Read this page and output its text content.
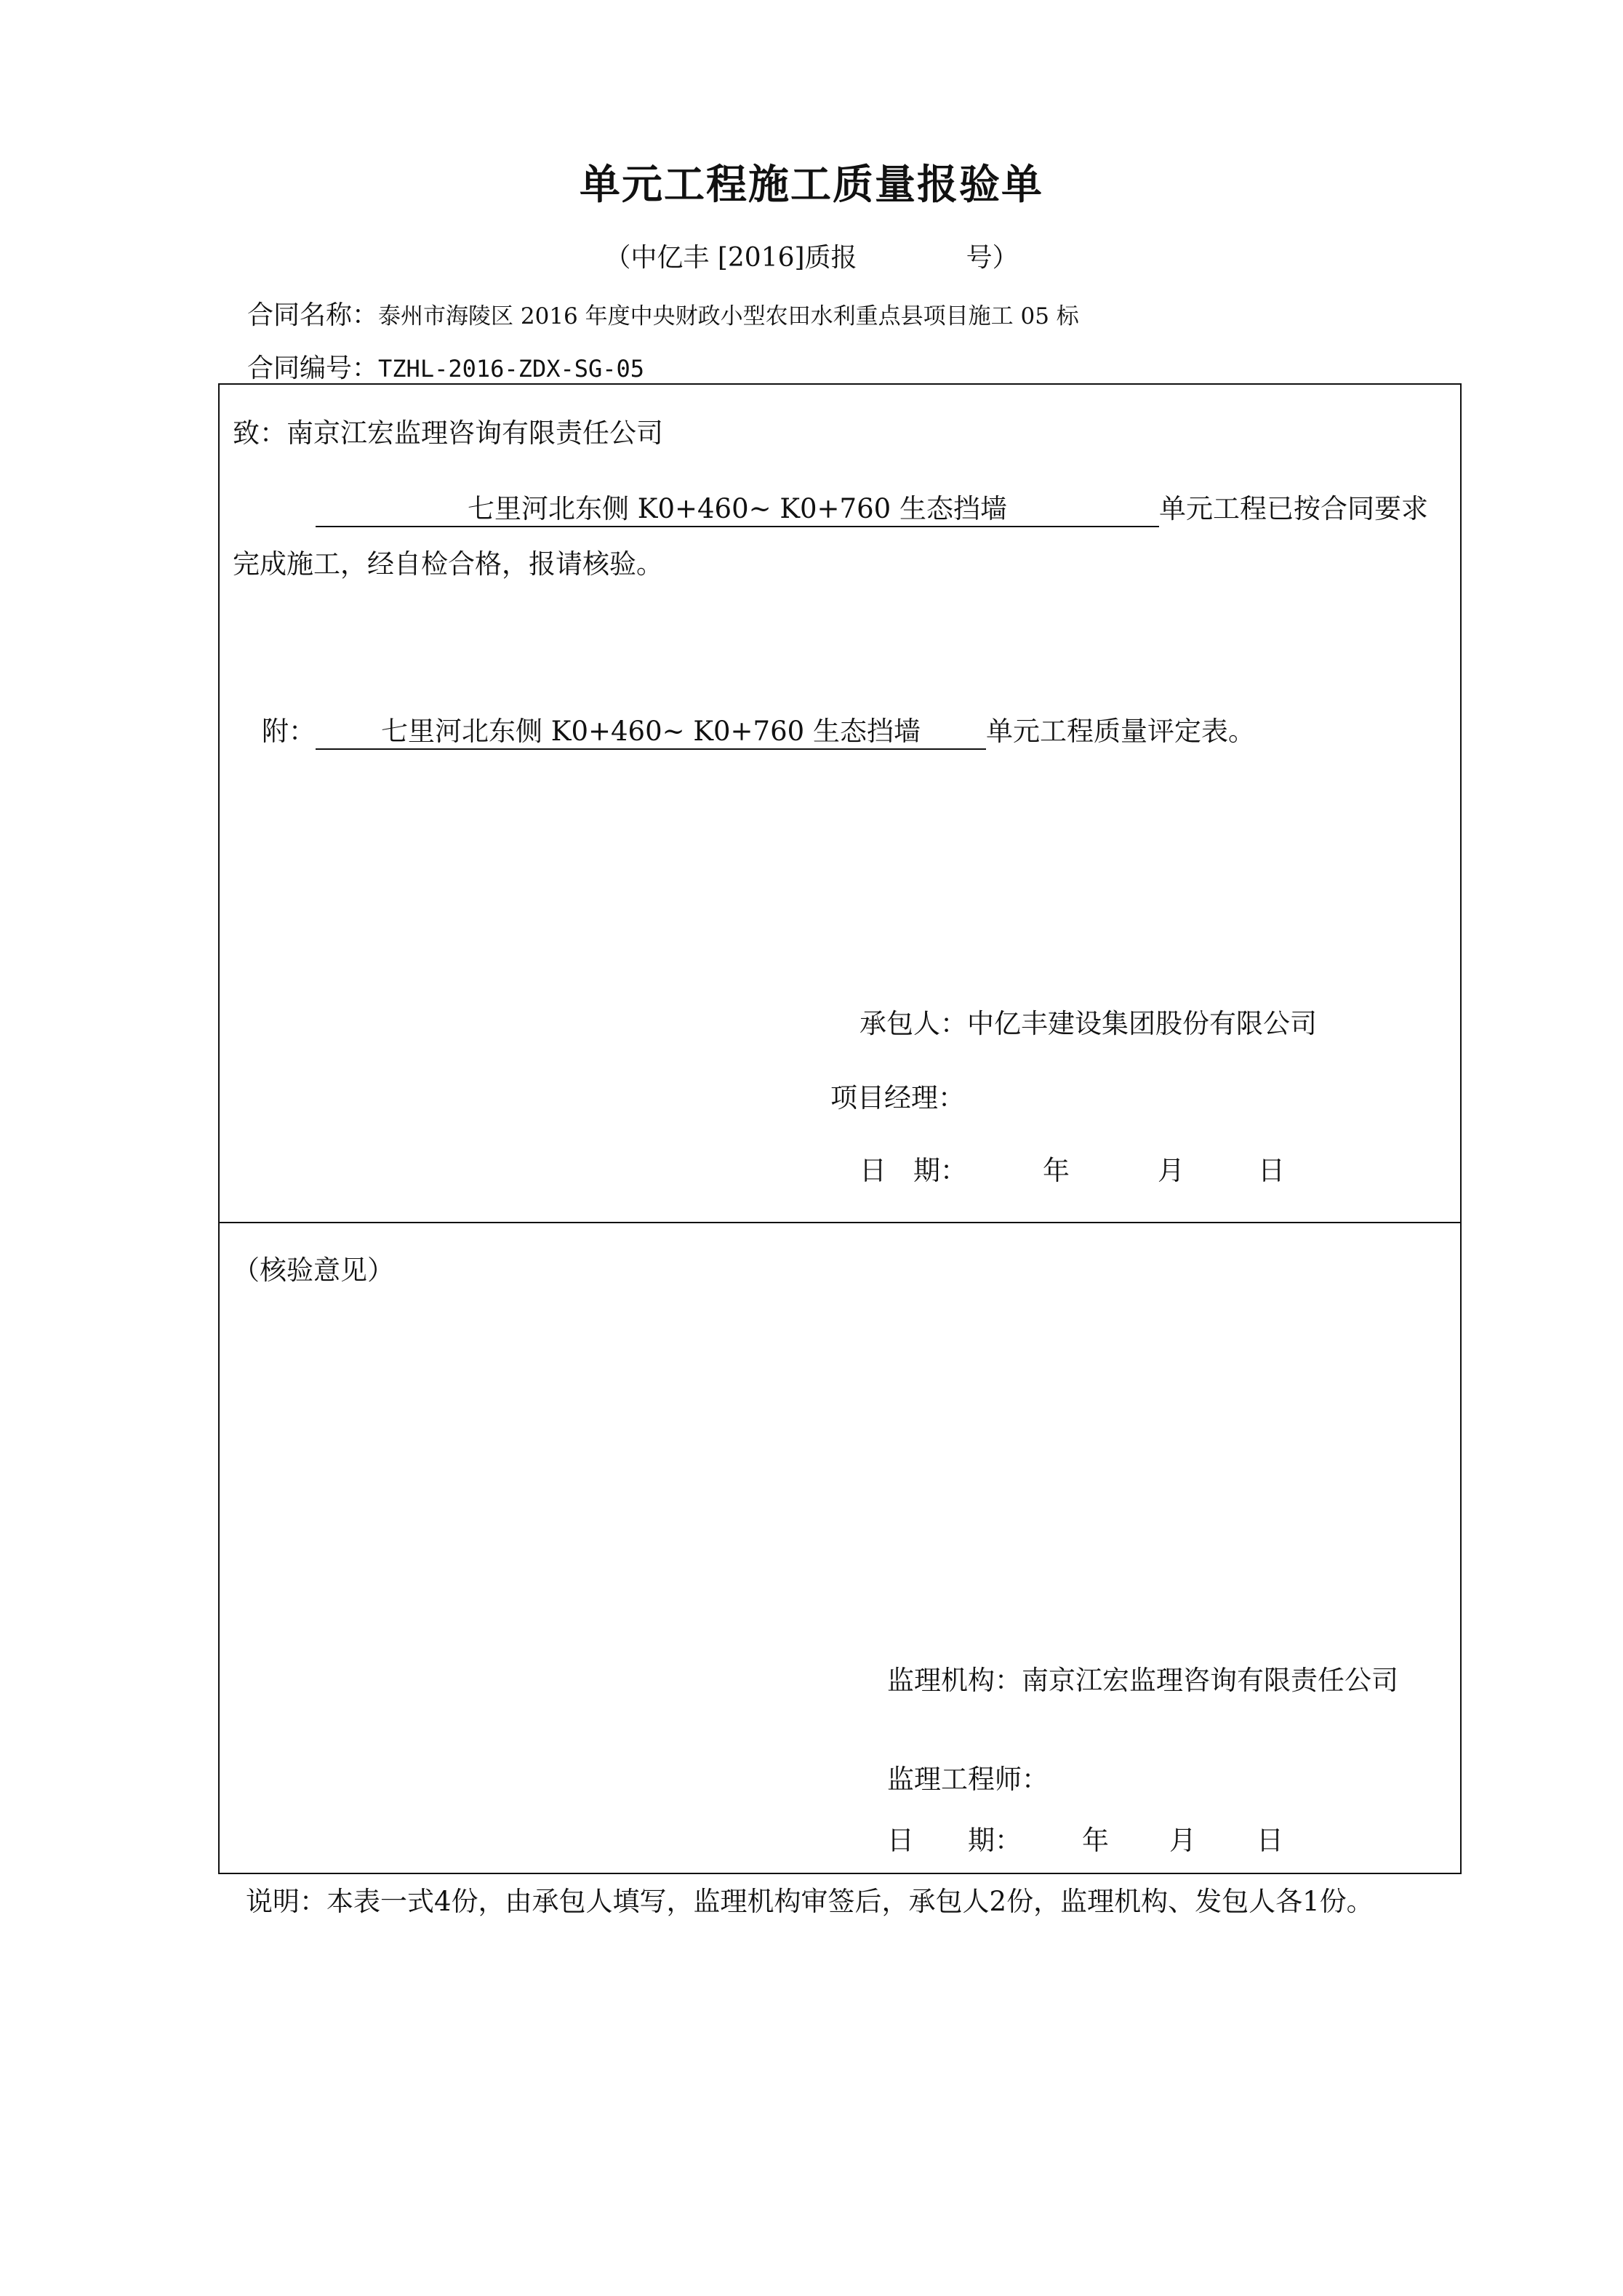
单元工程施工质量报验单
（中亿丰 [2016]质报	号）
合同名称：泰州市海陵区 2016 年度中央财政小型农田水利重点县项目施工 05 标
合同编号：TZHL-2016-ZDX-SG-05
致：南京江宏监理咨询有限责任公司
七里河北东侧 K0+460~ K0+760 生态挡墙	单元工程已按合同要求
完成施工，经自检合格，报请核验。
附： 七里河北东侧 K0+460~ K0+760 生态挡墙 单元工程质量评定表。
承包人：中亿丰建设集团股份有限公司
项目经理：
日　期：	年	月	日
（核验意见）
监理机构：南京江宏监理咨询有限责任公司
监理工程师：
日　　期： 年 月 日
说明：本表一式4份，由承包人填写，监理机构审签后，承包人2份，监理机构、发包人各1份。
